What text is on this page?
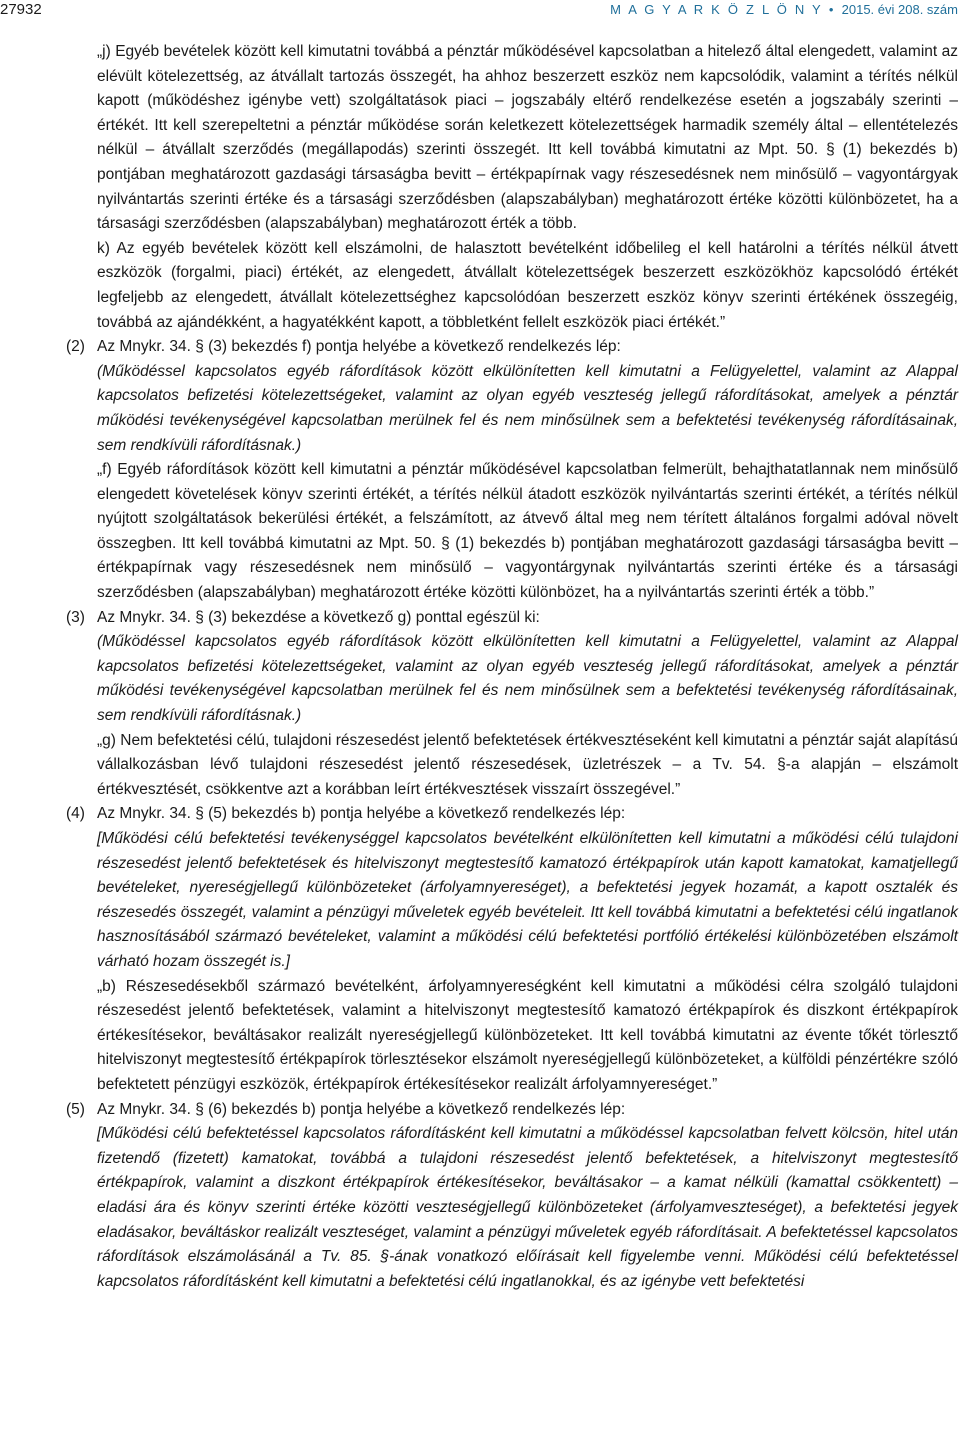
27932	M A G Y A R K Ö Z L Ö N Y • 2015. évi 208. szám

„j) Egyéb bevételek között kell kimutatni továbbá a pénztár működésével kapcsolatban a hitelező által elengedett, valamint az elévült kötelezettség, az átvállalt tartozás összegét, ha ahhoz beszerzett eszköz nem kapcsolódik, valamint a térítés nélkül kapott (működéshez igénybe vett) szolgáltatások piaci – jogszabály eltérő rendelkezése esetén a jogszabály szerinti – értékét. Itt kell szerepeltetni a pénztár működése során keletkezett kötelezettségek harmadik személy által – ellentételezés nélkül – átvállalt szerződés (megállapodás) szerinti összegét. Itt kell továbbá kimutatni az Mpt. 50. § (1) bekezdés b) pontjában meghatározott gazdasági társaságba bevitt – értékpapírnak vagy részesedésnek nem minősülő – vagyontárgyak nyilvántartás szerinti értéke és a társasági szerződésben (alapszabályban) meghatározott értéke közötti különbözetet, ha a társasági szerződésben (alapszabályban) meghatározott érték a több.

k) Az egyéb bevételek között kell elszámolni, de halasztott bevételként időbelileg el kell határolni a térítés nélkül átvett eszközök (forgalmi, piaci) értékét, az elengedett, átvállalt kötelezettségek beszerzett eszközökhöz kapcsolódó értékét legfeljebb az elengedett, átvállalt kötelezettséghez kapcsolódóan beszerzett eszköz könyv szerinti értékének összegéig, továbbá az ajándékként, a hagyatékként kapott, a többletként fellelt eszközök piaci értékét.”

(2) Az Mnykr. 34. § (3) bekezdés f) pontja helyébe a következő rendelkezés lép:

(Működéssel kapcsolatos egyéb ráfordítások között elkülönítetten kell kimutatni a Felügyelettel, valamint az Alappal kapcsolatos befizetési kötelezettségeket, valamint az olyan egyéb veszteség jellegű ráfordításokat, amelyek a pénztár működési tevékenységével kapcsolatban merülnek fel és nem minősülnek sem a befektetési tevékenység ráfordításainak, sem rendkívüli ráfordításnak.)

„f) Egyéb ráfordítások között kell kimutatni a pénztár működésével kapcsolatban felmerült, behajthatatlannak nem minősülő elengedett követelések könyv szerinti értékét, a térítés nélkül átadott eszközök nyilvántartás szerinti értékét, a térítés nélkül nyújtott szolgáltatások bekerülési értékét, a felszámított, az átvevő által meg nem térített általános forgalmi adóval növelt összegben. Itt kell továbbá kimutatni az Mpt. 50. § (1) bekezdés b) pontjában meghatározott gazdasági társaságba bevitt – értékpapírnak vagy részesedésnek nem minősülő – vagyontárgynak nyilvántartás szerinti értéke és a társasági szerződésben (alapszabályban) meghatározott értéke közötti különbözet, ha a nyilvántartás szerinti érték a több.”

(3) Az Mnykr. 34. § (3) bekezdése a következő g) ponttal egészül ki:

(Működéssel kapcsolatos egyéb ráfordítások között elkülönítetten kell kimutatni a Felügyelettel, valamint az Alappal kapcsolatos befizetési kötelezettségeket, valamint az olyan egyéb veszteség jellegű ráfordításokat, amelyek a pénztár működési tevékenységével kapcsolatban merülnek fel és nem minősülnek sem a befektetési tevékenység ráfordításainak, sem rendkívüli ráfordításnak.)

„g) Nem befektetési célú, tulajdoni részesedést jelentő befektetések értékvesztéseként kell kimutatni a pénztár saját alapítású vállalkozásban lévő tulajdoni részesedést jelentő részesedések, üzletrészek – a Tv. 54. §-a alapján – elszámolt értékvesztését, csökkentve azt a korábban leírt értékvesztések visszaírt összegével.”

(4) Az Mnykr. 34. § (5) bekezdés b) pontja helyébe a következő rendelkezés lép:

[Működési célú befektetési tevékenységgel kapcsolatos bevételként elkülönítetten kell kimutatni a működési célú tulajdoni részesedést jelentő befektetések és hitelviszonyt megtestesítő kamatozó értékpapírok után kapott kamatokat, kamatjellegű bevételeket, nyereségjellegű különbözeteket (árfolyamnyereséget), a befektetési jegyek hozamát, a kapott osztalék és részesedés összegét, valamint a pénzügyi műveletek egyéb bevételeit. Itt kell továbbá kimutatni a befektetési célú ingatlanok hasznosításából származó bevételeket, valamint a működési célú befektetési portfólió értékelési különbözetében elszámolt várható hozam összegét is.]

„b) Részesedésekből származó bevételként, árfolyamnyereségként kell kimutatni a működési célra szolgáló tulajdoni részesedést jelentő befektetések, valamint a hitelviszonyt megtestesítő kamatozó értékpapírok és diszkont értékpapírok értékesítésekor, beváltásakor realizált nyereségjellegű különbözeteket. Itt kell továbbá kimutatni az évente tőkét törlesztő hitelviszonyt megtestesítő értékpapírok törlesztésekor elszámolt nyereségjellegű különbözeteket, a külföldi pénzértékre szóló befektetett pénzügyi eszközök, értékpapírok értékesítésekor realizált árfolyamnyereséget.”

(5) Az Mnykr. 34. § (6) bekezdés b) pontja helyébe a következő rendelkezés lép:

[Működési célú befektetéssel kapcsolatos ráfordításként kell kimutatni a működéssel kapcsolatban felvett kölcsön, hitel után fizetendő (fizetett) kamatokat, továbbá a tulajdoni részesedést jelentő befektetések, a hitelviszonyt megtestesítő értékpapírok, valamint a diszkont értékpapírok értékesítésekor, beváltásakor – a kamat nélküli (kamattal csökkentett) – eladási ára és könyv szerinti értéke közötti veszteségjellegű különbözeteket (árfolyamveszteséget), a befektetési jegyek eladásakor, beváltáskor realizált veszteséget, valamint a pénzügyi műveletek egyéb ráfordításait. A befektetéssel kapcsolatos ráfordítások elszámolásánál a Tv. 85. §-ának vonatkozó előírásait kell figyelembe venni. Működési célú befektetéssel kapcsolatos ráfordításként kell kimutatni a befektetési célú ingatlanokkal, és az igénybe vett befektetési
